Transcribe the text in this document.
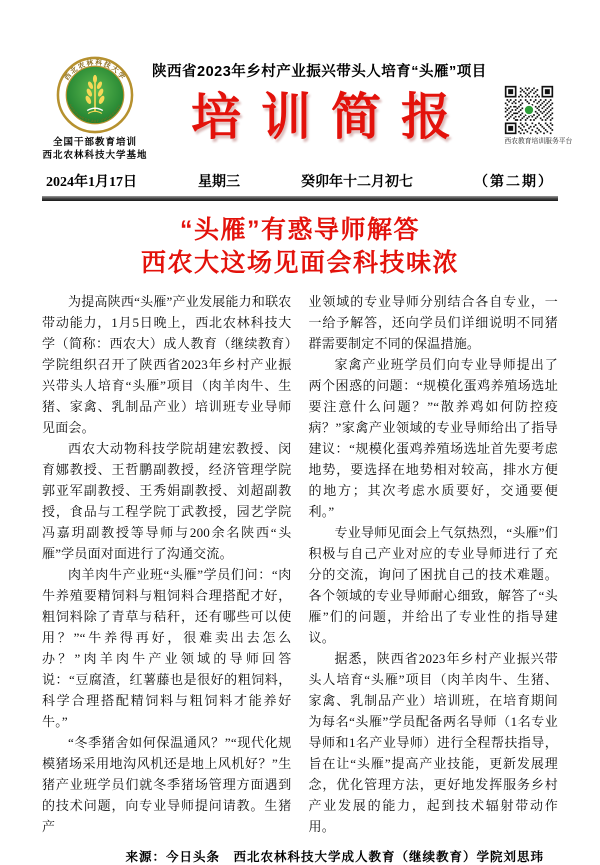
西北农林科技大学
NORTHWEST A&F UNIVERSITY
全国干部教育培训
西北农林科技大学基地
陕西省2023年乡村产业振兴带头人培育“头雁”项目
培训简报	西农教育培训服务平台
2024年1月17日	星期三	癸卯年十二月初七	（第二期）
“头雁”有惑导师解答
西农大这场见面会科技味浓

为提高陕西“头雁”产业发展能力和联农带动能力，1月5日晚上，西北农林科技大学（简称：西农大）成人教育（继续教育）学院组织召开了陕西省2023年乡村产业振兴带头人培育“头雁”项目（肉羊肉牛、生猪、家禽、乳制品产业）培训班专业导师见面会。

西农大动物科技学院胡建宏教授、闵育娜教授、王哲鹏副教授，经济管理学院郭亚军副教授、王秀娟副教授、刘超副教授，食品与工程学院丁武教授，园艺学院冯嘉玥副教授等导师与200余名陕西“头雁”学员面对面进行了沟通交流。

肉羊肉牛产业班“头雁”学员们问：“肉牛养殖要精饲料与粗饲料合理搭配才好，粗饲料除了青草与秸秆，还有哪些可以使用？”“牛养得再好，很难卖出去怎么办？”肉羊肉牛产业领域的导师回答说：“豆腐渣，红薯藤也是很好的粗饲料，科学合理搭配精饲料与粗饲料才能养好牛。”

“冬季猪舍如何保温通风？”“现代化规模猪场采用地沟风机还是地上风机好？”生猪产业班学员们就冬季猪场管理方面遇到的技术问题，向专业导师提问请教。生猪产

业领域的专业导师分别结合各自专业，一一给予解答，还向学员们详细说明不同猪群需要制定不同的保温措施。

家禽产业班学员们向专业导师提出了两个困惑的问题：“规模化蛋鸡养殖场选址要注意什么问题？”“散养鸡如何防控疫病？”家禽产业领域的专业导师给出了指导建议：“规模化蛋鸡养殖场选址首先要考虑地势，要选择在地势相对较高，排水方便的地方；其次考虑水质要好，交通要便利。”

专业导师见面会上气氛热烈，“头雁”们积极与自己产业对应的专业导师进行了充分的交流，询问了困扰自己的技术难题。各个领域的专业导师耐心细致，解答了“头雁”们的问题，并给出了专业性的指导建议。

据悉，陕西省2023年乡村产业振兴带头人培育“头雁”项目（肉羊肉牛、生猪、家禽、乳制品产业）培训班，在培育期间为每名“头雁”学员配备两名导师（1名专业导师和1名产业导师）进行全程帮扶指导，旨在让“头雁”提高产业技能，更新发展理念，优化管理方法，更好地发挥服务乡村产业发展的能力，起到技术辐射带动作用。

来源：今日头条　西北农林科技大学成人教育（继续教育）学院刘思玮
